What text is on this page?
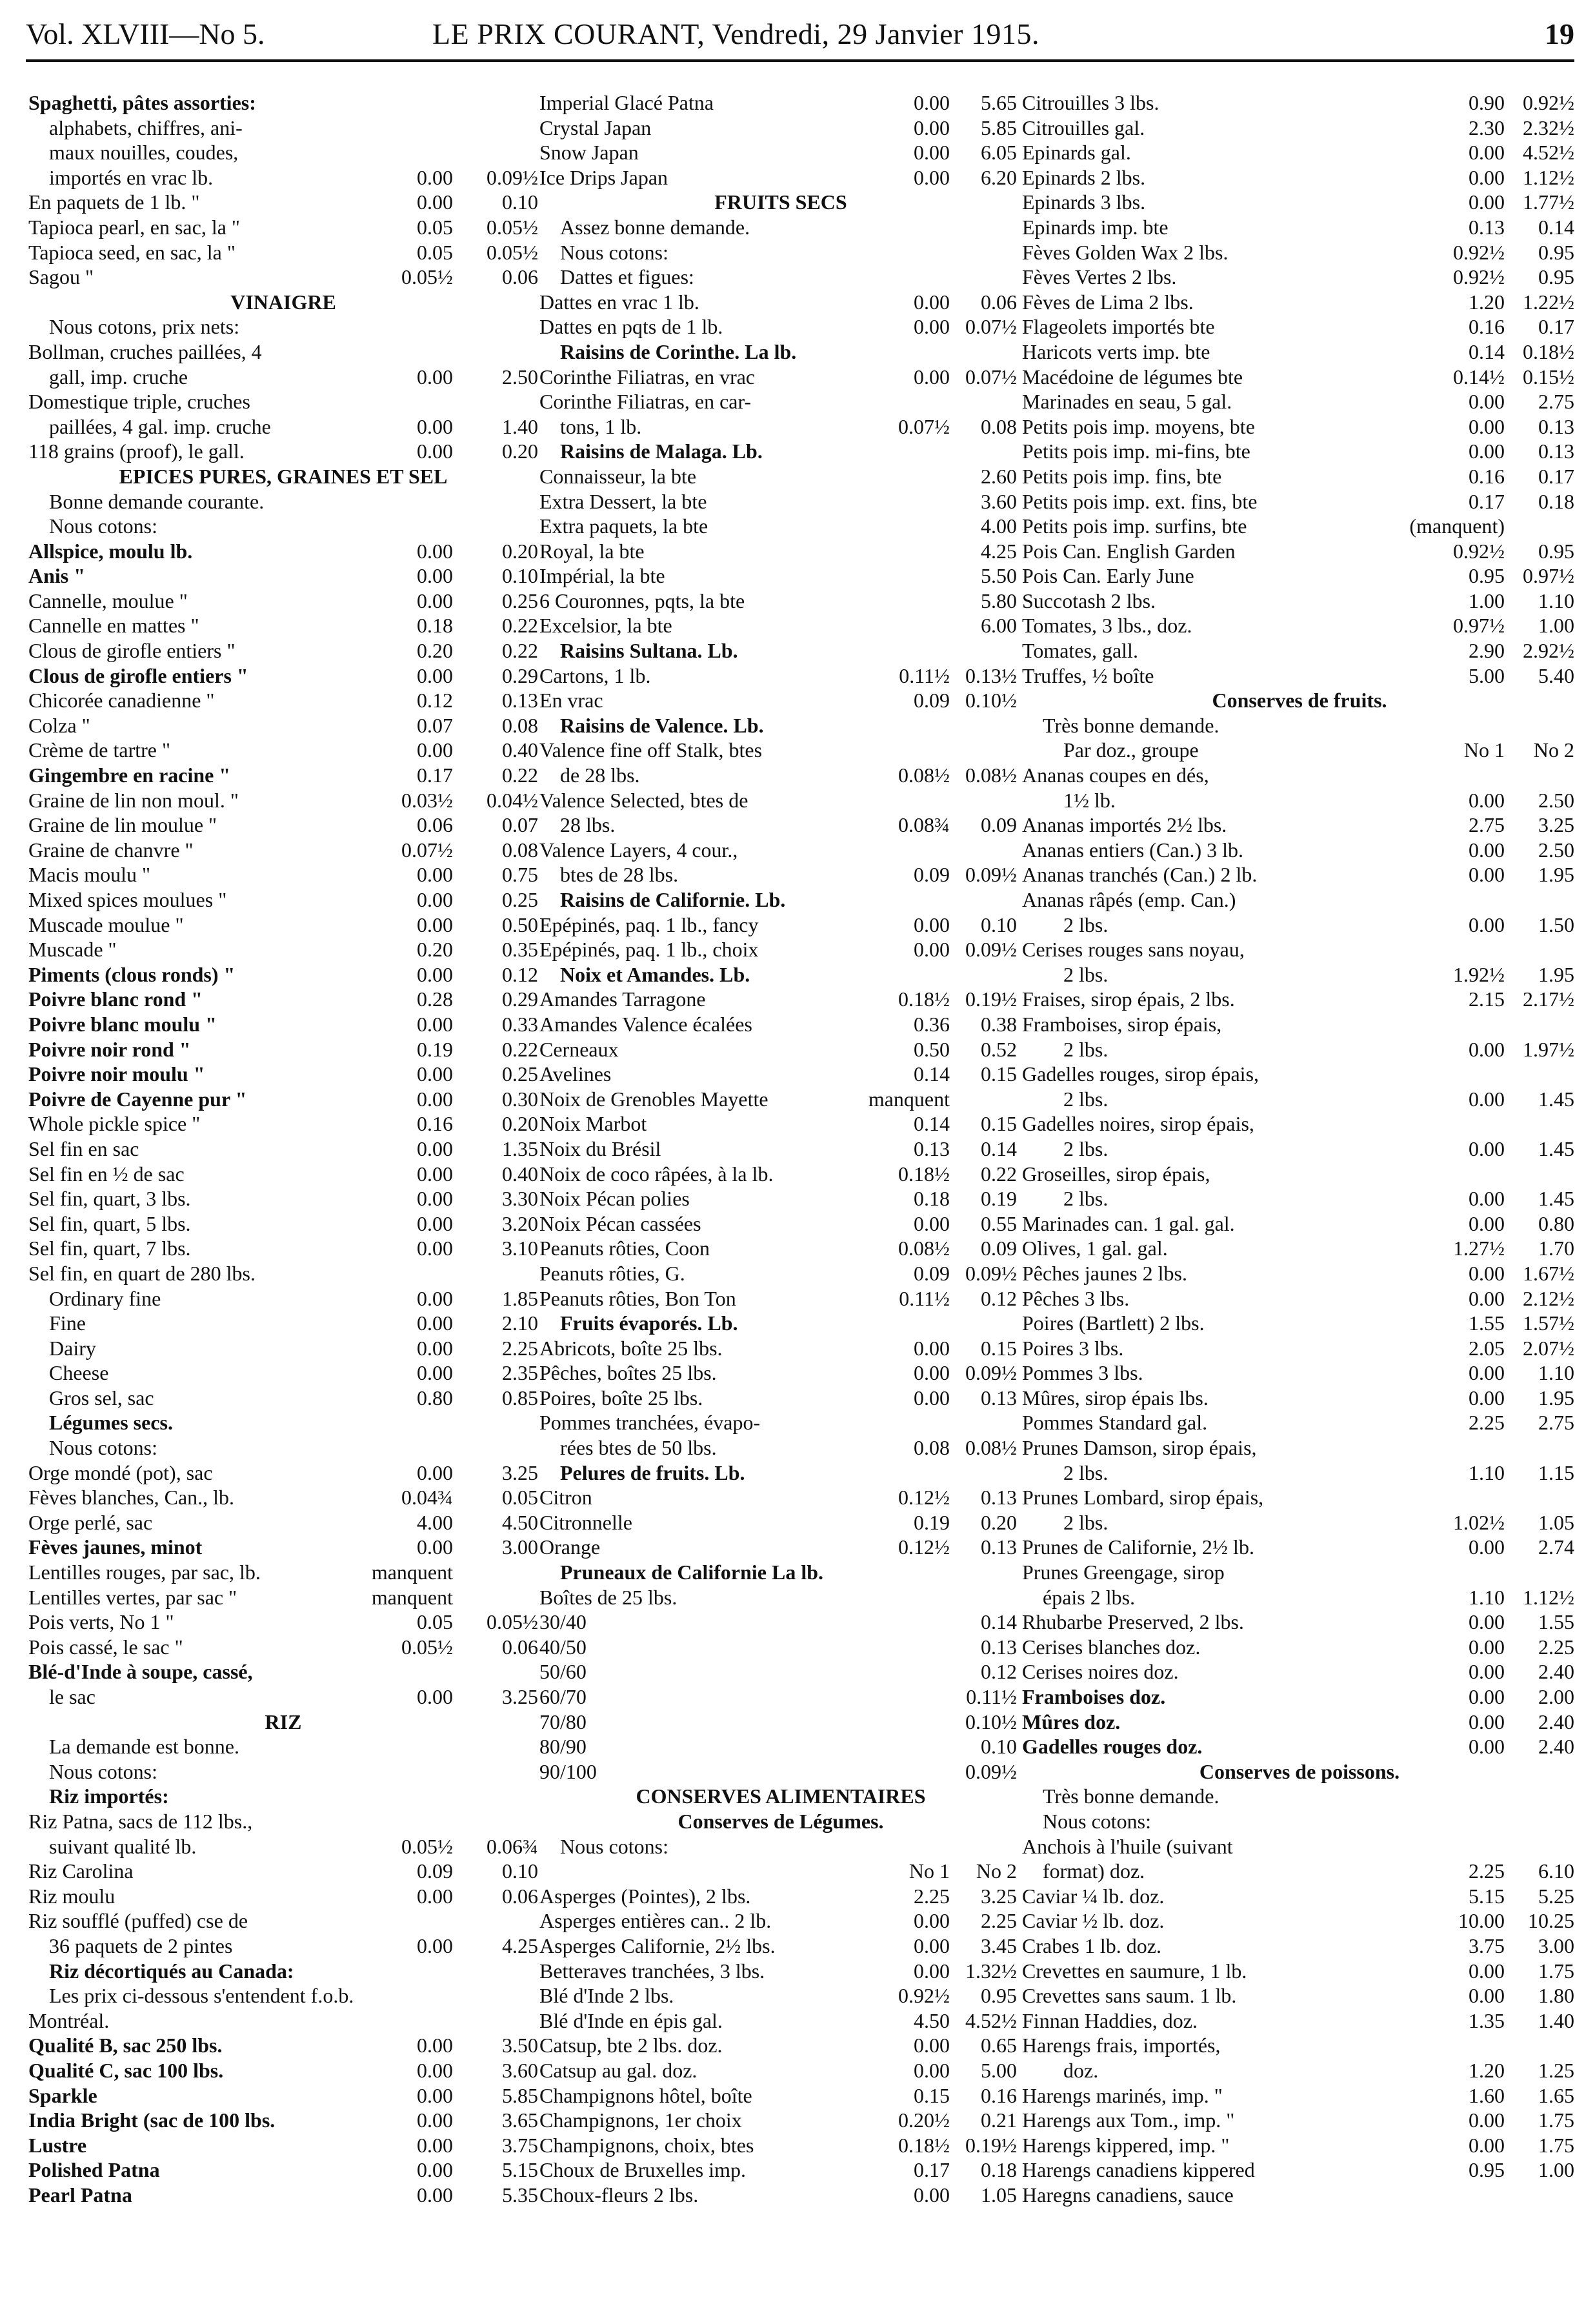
Vol. XLVIII—No 5.	LE PRIX COURANT, Vendredi, 29 Janvier 1915.	19
Spaghetti, pâtes assorties:
alphabets, chiffres, ani-
maux nouilles, coudes,
importés en vrac lb.	0.00 0.09½
En paquets de 1 lb. "	0.00 0.10
Tapioca pearl, en sac, la "	0.05 0.05½
Tapioca seed, en sac, la "	0.05 0.05½
Sagou "	0.05½ 0.06
VINAIGRE
Nous cotons, prix nets:
Bollman, cruches paillées, 4
gall, imp. cruche	0.00 2.50
Domestique triple, cruches
paillées, 4 gal. imp. cruche	0.00 1.40
118 grains (proof), le gall.	0.00 0.20
EPICES PURES, GRAINES ET SEL
Bonne demande courante.
Nous cotons:
Allspice, moulu lb.	0.00 0.20
Anis "	0.00 0.10
Cannelle, moulue "	0.00 0.25
Cannelle en mattes "	0.18 0.22
Clous de girofle entiers "	0.20 0.22
Clous de girofle entiers "	0.00 0.29
Chicorée canadienne "	0.12 0.13
Colza "	0.07 0.08
Crème de tartre "	0.00 0.40
Gingembre en racine "	0.17 0.22
Graine de lin non moul. "	0.03½ 0.04½
Graine de lin moulue "	0.06 0.07
Graine de chanvre "	0.07½ 0.08
Macis moulu "	0.00 0.75
Mixed spices moulues "	0.00 0.25
Muscade moulue "	0.00 0.50
Muscade "	0.20 0.35
Piments (clous ronds) "	0.00 0.12
Poivre blanc rond "	0.28 0.29
Poivre blanc moulu "	0.00 0.33
Poivre noir rond "	0.19 0.22
Poivre noir moulu "	0.00 0.25
Poivre de Cayenne pur "	0.00 0.30
Whole pickle spice "	0.16 0.20
Sel fin en sac	0.00 1.35
Sel fin en ½ de sac	0.00 0.40
Sel fin, quart, 3 lbs.	0.00 3.30
Sel fin, quart, 5 lbs.	0.00 3.20
Sel fin, quart, 7 lbs.	0.00 3.10
Sel fin, en quart de 280 lbs.
Ordinary fine	0.00 1.85
Fine	0.00 2.10
Dairy	0.00 2.25
Cheese	0.00 2.35
Gros sel, sac	0.80 0.85
Légumes secs.
Nous cotons:
Orge mondé (pot), sac	0.00 3.25
Fèves blanches, Can., lb.	0.04¾ 0.05
Orge perlé, sac	4.00 4.50
Fèves jaunes, minot	0.00 3.00
Lentilles rouges, par sac, lb.	manquent
Lentilles vertes, par sac "	manquent
Pois verts, No 1 "	0.05 0.05½
Pois cassé, le sac "	0.05½ 0.06
Blé-d'Inde à soupe, cassé,
le sac	0.00 3.25
RIZ
La demande est bonne.
Nous cotons:
Riz importés:
Riz Patna, sacs de 112 lbs.,
suivant qualité lb.	0.05½ 0.06¾
Riz Carolina	0.09 0.10
Riz moulu	0.00 0.06
Riz soufflé (puffed) cse de
36 paquets de 2 pintes	0.00 4.25
Riz décortiqués au Canada:
Les prix ci-dessous s'entendent f.o.b.
Montréal.
Qualité B, sac 250 lbs.	0.00 3.50
Qualité C, sac 100 lbs.	0.00 3.60
Sparkle	0.00 5.85
India Bright (sac de 100 lbs.	0.00 3.65
Lustre	0.00 3.75
Polished Patna	0.00 5.15
Pearl Patna	0.00 5.35
Imperial Glacé Patna	0.00 5.65
Crystal Japan	0.00 5.85
Snow Japan	0.00 6.05
Ice Drips Japan	0.00 6.20
FRUITS SECS
Assez bonne demande.
Nous cotons:
Dattes et figues:
Dattes en vrac 1 lb.	0.00 0.06
Dattes en pqts de 1 lb.	0.00 0.07½
Raisins de Corinthe. La lb.
Corinthe Filiatras, en vrac	0.00 0.07½
Corinthe Filiatras, en car-
tons, 1 lb.	0.07½ 0.08
Raisins de Malaga. Lb.
Connaisseur, la bte	2.60
Extra Dessert, la bte	3.60
Extra paquets, la bte	4.00
Royal, la bte	4.25
Impérial, la bte	5.50
6 Couronnes, pqts, la bte	5.80
Excelsior, la bte	6.00
Raisins Sultana. Lb.
Cartons, 1 lb.	0.11½ 0.13½
En vrac	0.09 0.10½
Raisins de Valence. Lb.
Valence fine off Stalk, btes
de 28 lbs.	0.08½ 0.08½
Valence Selected, btes de
28 lbs.	0.08¾ 0.09
Valence Layers, 4 cour.,
btes de 28 lbs.	0.09 0.09½
Raisins de Californie. Lb.
Epépinés, paq. 1 lb., fancy	0.00 0.10
Epépinés, paq. 1 lb., choix	0.00 0.09½
Noix et Amandes. Lb.
Amandes Tarragone	0.18½ 0.19½
Amandes Valence écalées	0.36 0.38
Cerneaux	0.50 0.52
Avelines	0.14 0.15
Noix de Grenobles Mayette	manquent
Noix Marbot	0.14 0.15
Noix du Brésil	0.13 0.14
Noix de coco râpées, à la lb.	0.18½ 0.22
Noix Pécan polies	0.18 0.19
Noix Pécan cassées	0.00 0.55
Peanuts rôties, Coon	0.08½ 0.09
Peanuts rôties, G.	0.09 0.09½
Peanuts rôties, Bon Ton	0.11½ 0.12
Fruits évaporés. Lb.
Abricots, boîte 25 lbs.	0.00 0.15
Pêches, boîtes 25 lbs.	0.00 0.09½
Poires, boîte 25 lbs.	0.00 0.13
Pommes tranchées, évapo-
rées btes de 50 lbs.	0.08 0.08½
Pelures de fruits. Lb.
Citron	0.12½ 0.13
Citronnelle	0.19 0.20
Orange	0.12½ 0.13
Pruneaux de Californie La lb.
Boîtes de 25 lbs.
30/40	0.14
40/50	0.13
50/60	0.12
60/70	0.11½
70/80	0.10½
80/90	0.10
90/100	0.09½
CONSERVES ALIMENTAIRES
Conserves de Légumes.
Nous cotons:
No 1 No 2
Asperges (Pointes), 2 lbs.	2.25 3.25
Asperges entières can.. 2 lb.	0.00 2.25
Asperges Californie, 2½ lbs.	0.00 3.45
Betteraves tranchées, 3 lbs.	0.00 1.32½
Blé d'Inde 2 lbs.	0.92½ 0.95
Blé d'Inde en épis gal.	4.50 4.52½
Catsup, bte 2 lbs. doz.	0.00 0.65
Catsup au gal. doz.	0.00 5.00
Champignons hôtel, boîte	0.15 0.16
Champignons, 1er choix	0.20½ 0.21
Champignons, choix, btes	0.18½ 0.19½
Choux de Bruxelles imp.	0.17 0.18
Choux-fleurs 2 lbs.	0.00 1.05
Citrouilles 3 lbs.	0.90 0.92½
Citrouilles gal.	2.30 2.32½
Epinards gal.	0.00 4.52½
Epinards 2 lbs.	0.00 1.12½
Epinards 3 lbs.	0.00 1.77½
Epinards imp. bte	0.13 0.14
Fèves Golden Wax 2 lbs.	0.92½ 0.95
Fèves Vertes 2 lbs.	0.92½ 0.95
Fèves de Lima 2 lbs.	1.20 1.22½
Flageolets importés bte	0.16 0.17
Haricots verts imp. bte	0.14 0.18½
Macédoine de légumes bte	0.14½ 0.15½
Marinades en seau, 5 gal.	0.00 2.75
Petits pois imp. moyens, bte	0.00 0.13
Petits pois imp. mi-fins, bte	0.00 0.13
Petits pois imp. fins, bte	0.16 0.17
Petits pois imp. ext. fins, bte	0.17 0.18
Petits pois imp. surfins, bte	(manquent)
Pois Can. English Garden	0.92½ 0.95
Pois Can. Early June	0.95 0.97½
Succotash 2 lbs.	1.00 1.10
Tomates, 3 lbs., doz.	0.97½ 1.00
Tomates, gall.	2.90 2.92½
Truffes, ½ boîte	5.00 5.40
Conserves de fruits.
Très bonne demande.
Par doz., groupe	No 1 No 2
Ananas coupes en dés,
1½ lb.	0.00 2.50
Ananas importés 2½ lbs.	2.75 3.25
Ananas entiers (Can.) 3 lb.	0.00 2.50
Ananas tranchés (Can.) 2 lb.	0.00 1.95
Ananas râpés (emp. Can.)
2 lbs.	0.00 1.50
Cerises rouges sans noyau,
2 lbs.	1.92½ 1.95
Fraises, sirop épais, 2 lbs.	2.15 2.17½
Framboises, sirop épais,
2 lbs.	0.00 1.97½
Gadelles rouges, sirop épais,
2 lbs.	0.00 1.45
Gadelles noires, sirop épais,
2 lbs.	0.00 1.45
Groseilles, sirop épais,
2 lbs.	0.00 1.45
Marinades can. 1 gal. gal.	0.00 0.80
Olives, 1 gal. gal.	1.27½ 1.70
Pêches jaunes 2 lbs.	0.00 1.67½
Pêches 3 lbs.	0.00 2.12½
Poires (Bartlett) 2 lbs.	1.55 1.57½
Poires 3 lbs.	2.05 2.07½
Pommes 3 lbs.	0.00 1.10
Mûres, sirop épais lbs.	0.00 1.95
Pommes Standard gal.	2.25 2.75
Prunes Damson, sirop épais,
2 lbs.	1.10 1.15
Prunes Lombard, sirop épais,
2 lbs.	1.02½ 1.05
Prunes de Californie, 2½ lb.	0.00 2.74
Prunes Greengage, sirop
épais 2 lbs.	1.10 1.12½
Rhubarbe Preserved, 2 lbs.	0.00 1.55
Cerises blanches doz.	0.00 2.25
Cerises noires doz.	0.00 2.40
Framboises doz.	0.00 2.00
Mûres doz.	0.00 2.40
Gadelles rouges doz.	0.00 2.40
Conserves de poissons.
Très bonne demande.
Nous cotons:
Anchois à l'huile (suivant
format) doz.	2.25 6.10
Caviar ¼ lb. doz.	5.15 5.25
Caviar ½ lb. doz.	10.00 10.25
Crabes 1 lb. doz.	3.75 3.00
Crevettes en saumure, 1 lb.	0.00 1.75
Crevettes sans saum. 1 lb.	0.00 1.80
Finnan Haddies, doz.	1.35 1.40
Harengs frais, importés,
doz.	1.20 1.25
Harengs marinés, imp. "	1.60 1.65
Harengs aux Tom., imp. "	0.00 1.75
Harengs kippered, imp. "	0.00 1.75
Harengs canadiens kippered	0.95 1.00
Haregns canadiens, sauce
